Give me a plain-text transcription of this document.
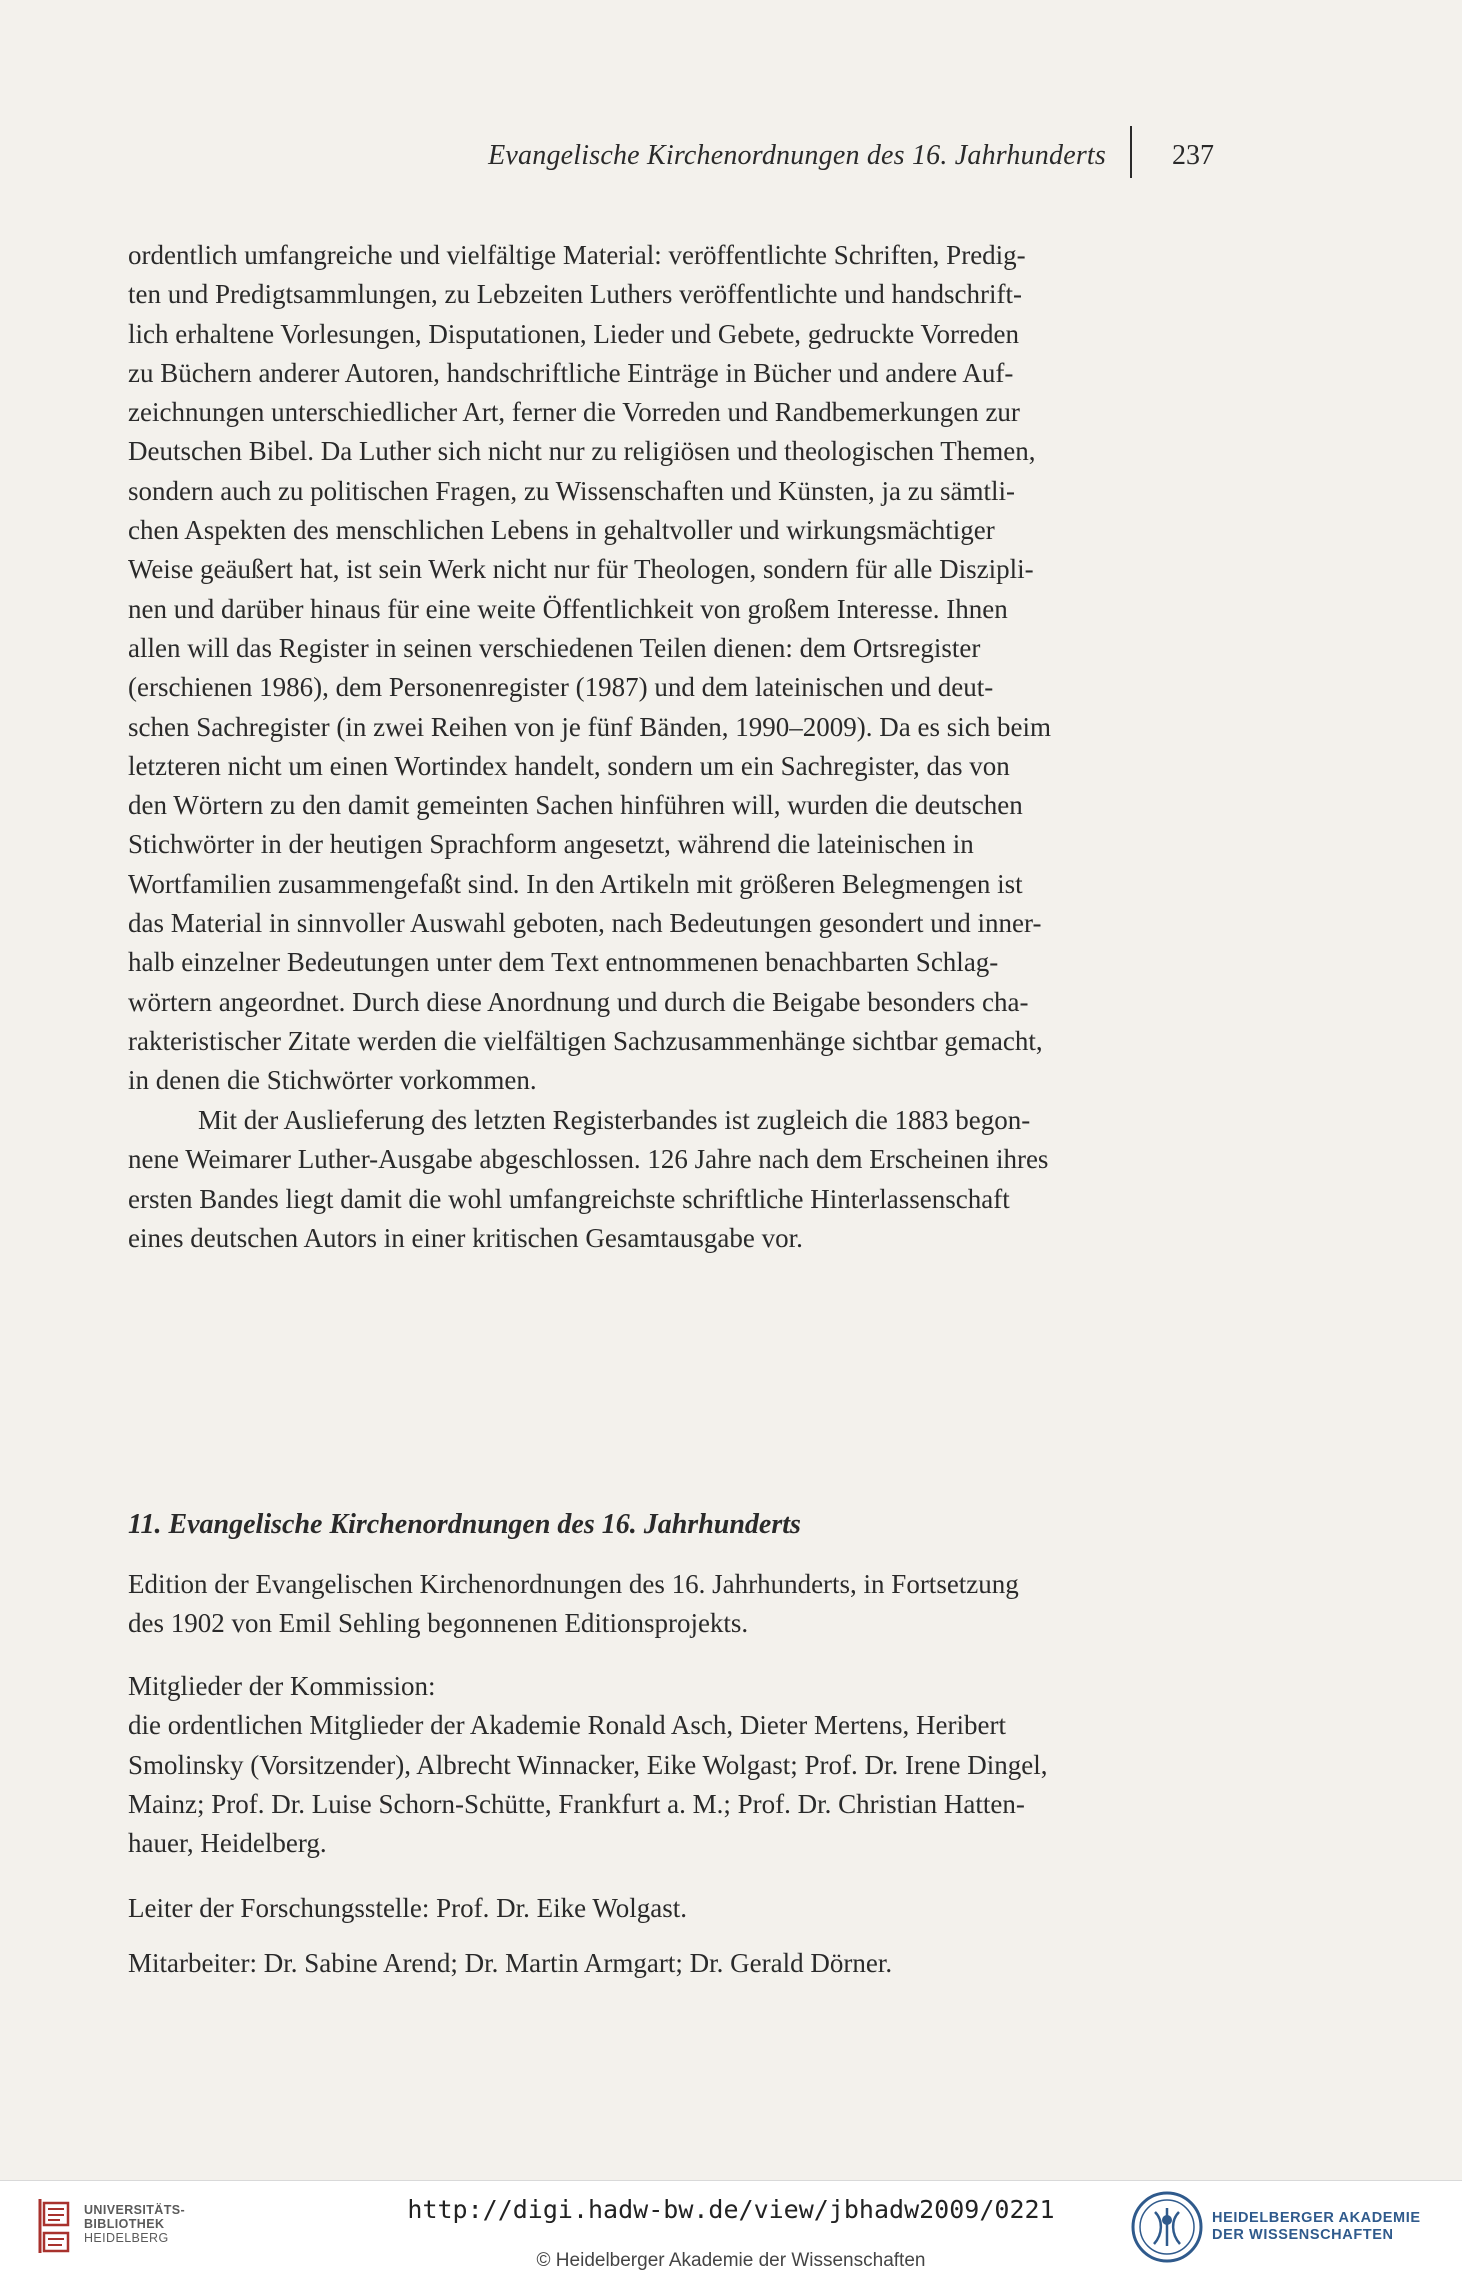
Evangelische Kirchenordnungen des 16. Jahrhunderts 237
ordentlich umfangreiche und vielfältige Material: veröffentlichte Schriften, Predig-
ten und Predigtsammlungen, zu Lebzeiten Luthers veröffentlichte und handschrift-
lich erhaltene Vorlesungen, Disputationen, Lieder und Gebete, gedruckte Vorreden
zu Büchern anderer Autoren, handschriftliche Einträge in Bücher und andere Auf-
zeichnungen unterschiedlicher Art, ferner die Vorreden und Randbemerkungen zur
Deutschen Bibel. Da Luther sich nicht nur zu religiösen und theologischen Themen,
sondern auch zu politischen Fragen, zu Wissenschaften und Künsten, ja zu sämtli-
chen Aspekten des menschlichen Lebens in gehaltvoller und wirkungsmächtiger
Weise geäußert hat, ist sein Werk nicht nur für Theologen, sondern für alle Diszipli-
nen und darüber hinaus für eine weite Öffentlichkeit von großem Interesse. Ihnen
allen will das Register in seinen verschiedenen Teilen dienen: dem Ortsregister
(erschienen 1986), dem Personenregister (1987) und dem lateinischen und deut-
schen Sachregister (in zwei Reihen von je fünf Bänden, 1990–2009). Da es sich beim
letzteren nicht um einen Wortindex handelt, sondern um ein Sachregister, das von
den Wörtern zu den damit gemeinten Sachen hinführen will, wurden die deutschen
Stichwörter in der heutigen Sprachform angesetzt, während die lateinischen in
Wortfamilien zusammengefaßt sind. In den Artikeln mit größeren Belegmengen ist
das Material in sinnvoller Auswahl geboten, nach Bedeutungen gesondert und inner-
halb einzelner Bedeutungen unter dem Text entnommenen benachbarten Schlag-
wörtern angeordnet. Durch diese Anordnung und durch die Beigabe besonders cha-
rakteristischer Zitate werden die vielfältigen Sachzusammenhänge sichtbar gemacht,
in denen die Stichwörter vorkommen.
Mit der Auslieferung des letzten Registerbandes ist zugleich die 1883 begon-
nene Weimarer Luther-Ausgabe abgeschlossen. 126 Jahre nach dem Erscheinen ihres
ersten Bandes liegt damit die wohl umfangreichste schriftliche Hinterlassenschaft
eines deutschen Autors in einer kritischen Gesamtausgabe vor.
11. Evangelische Kirchenordnungen des 16. Jahrhunderts
Edition der Evangelischen Kirchenordnungen des 16. Jahrhunderts, in Fortsetzung
des 1902 von Emil Sehling begonnenen Editionsprojekts.
Mitglieder der Kommission:
die ordentlichen Mitglieder der Akademie Ronald Asch, Dieter Mertens, Heribert
Smolinsky (Vorsitzender), Albrecht Winnacker, Eike Wolgast; Prof. Dr. Irene Dingel,
Mainz; Prof. Dr. Luise Schorn-Schütte, Frankfurt a. M.; Prof. Dr. Christian Hatten-
hauer, Heidelberg.
Leiter der Forschungsstelle: Prof. Dr. Eike Wolgast.
Mitarbeiter: Dr. Sabine Arend; Dr. Martin Armgart; Dr. Gerald Dörner.
UNIVERSITÄTS-
BIBLIOTHEK
HEIDELBERG
http://digi.hadw-bw.de/view/jbhadw2009/0221
© Heidelberger Akademie der Wissenschaften
HEIDELBERGER AKADEMIE
DER WISSENSCHAFTEN
